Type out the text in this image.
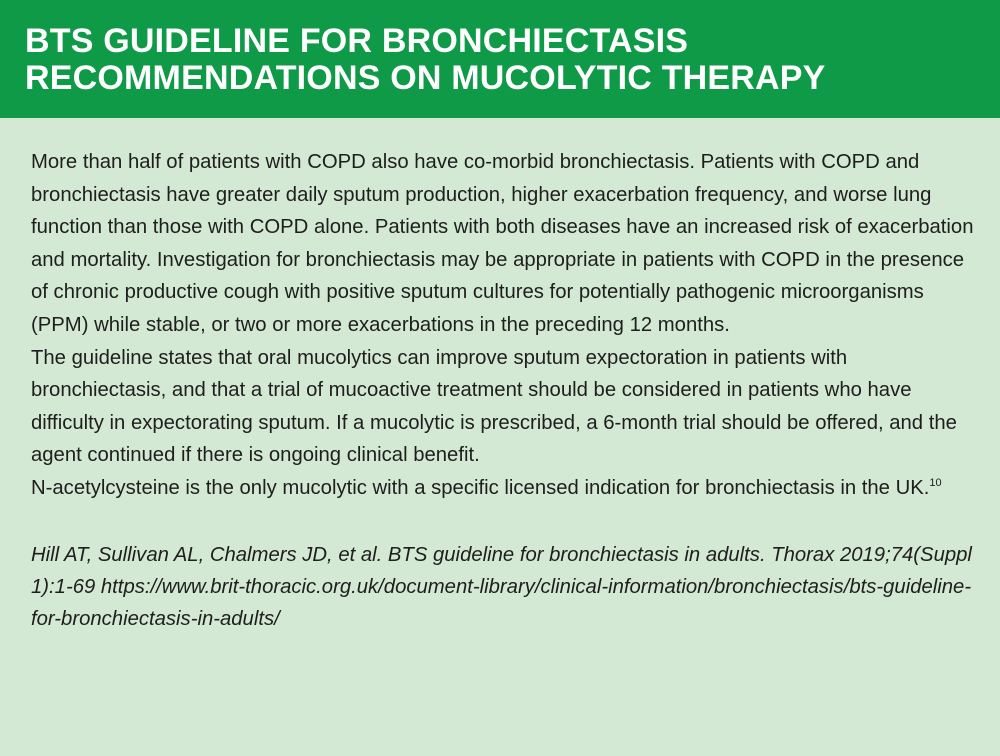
BTS GUIDELINE FOR BRONCHIECTASIS
RECOMMENDATIONS ON MUCOLYTIC THERAPY

More than half of patients with COPD also have co-morbid bronchiectasis. Patients with COPD and bronchiectasis have greater daily sputum production, higher exacerbation frequency, and worse lung function than those with COPD alone. Patients with both diseases have an increased risk of exacerbation and mortality. Investigation for bronchiectasis may be appropriate in patients with COPD in the presence of chronic productive cough with positive sputum cultures for potentially pathogenic microorganisms (PPM) while stable, or two or more exacerbations in the preceding 12 months.

The guideline states that oral mucolytics can improve sputum expectoration in patients with bronchiectasis, and that a trial of mucoactive treatment should be considered in patients who have difficulty in expectorating sputum. If a mucolytic is prescribed, a 6-month trial should be offered, and the agent continued if there is ongoing clinical benefit.

N-acetylcysteine is the only mucolytic with a specific licensed indication for bronchiectasis in the UK.$^{10}$

Hill AT, Sullivan AL, Chalmers JD, et al. BTS guideline for bronchiectasis in adults. Thorax 2019;74(Suppl 1):1-69 https://www.brit-thoracic.org.uk/document-library/clinical-information/bronchiectasis/bts-guideline-for-bronchiectasis-in-adults/
